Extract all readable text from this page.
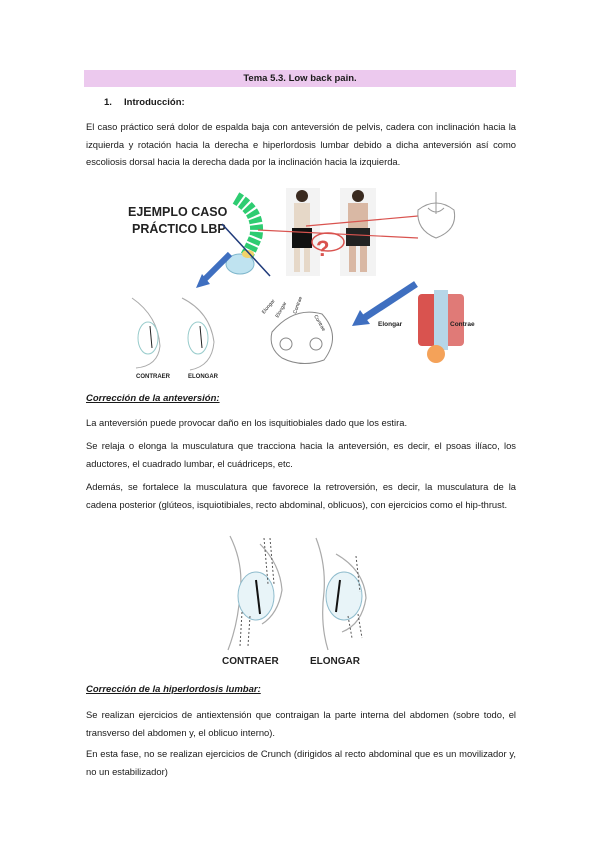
Tema 5.3. Low back pain.
1. Introducción:
El caso práctico será dolor de espalda baja con anteversión de pelvis, cadera con inclinación hacia la izquierda y rotación hacia la derecha e hiperlordosis lumbar debido a dicha anteversión así como escoliosis dorsal hacia la derecha dada por la inclinación hacia la izquierda.
EJEMPLO CASO
PRÁCTICO LBP
?
CONTRAER	ELONGAR
Elongar
Elongar Contrae
Contrae	Elongar	Contrae
Corrección de la anteversión:
La anteversión puede provocar daño en los isquitiobiales dado que los estira.
Se relaja o elonga la musculatura que tracciona hacia la anteversión, es decir, el psoas ilíaco, los aductores, el cuadrado lumbar, el cuádriceps, etc.
Además, se fortalece la musculatura que favorece la retroversión, es decir, la musculatura de la cadena posterior (glúteos, isquiotibiales, recto abdominal, oblicuos), con ejercicios como el hip-thrust.
CONTRAER	ELONGAR
Corrección de la hiperlordosis lumbar:
Se realizan ejercicios de antiextensión que contraigan la parte interna del abdomen (sobre todo, el transverso del abdomen y, el oblicuo interno).
En esta fase, no se realizan ejercicios de Crunch (dirigidos al recto abdominal que es un movilizador y, no un estabilizador)
